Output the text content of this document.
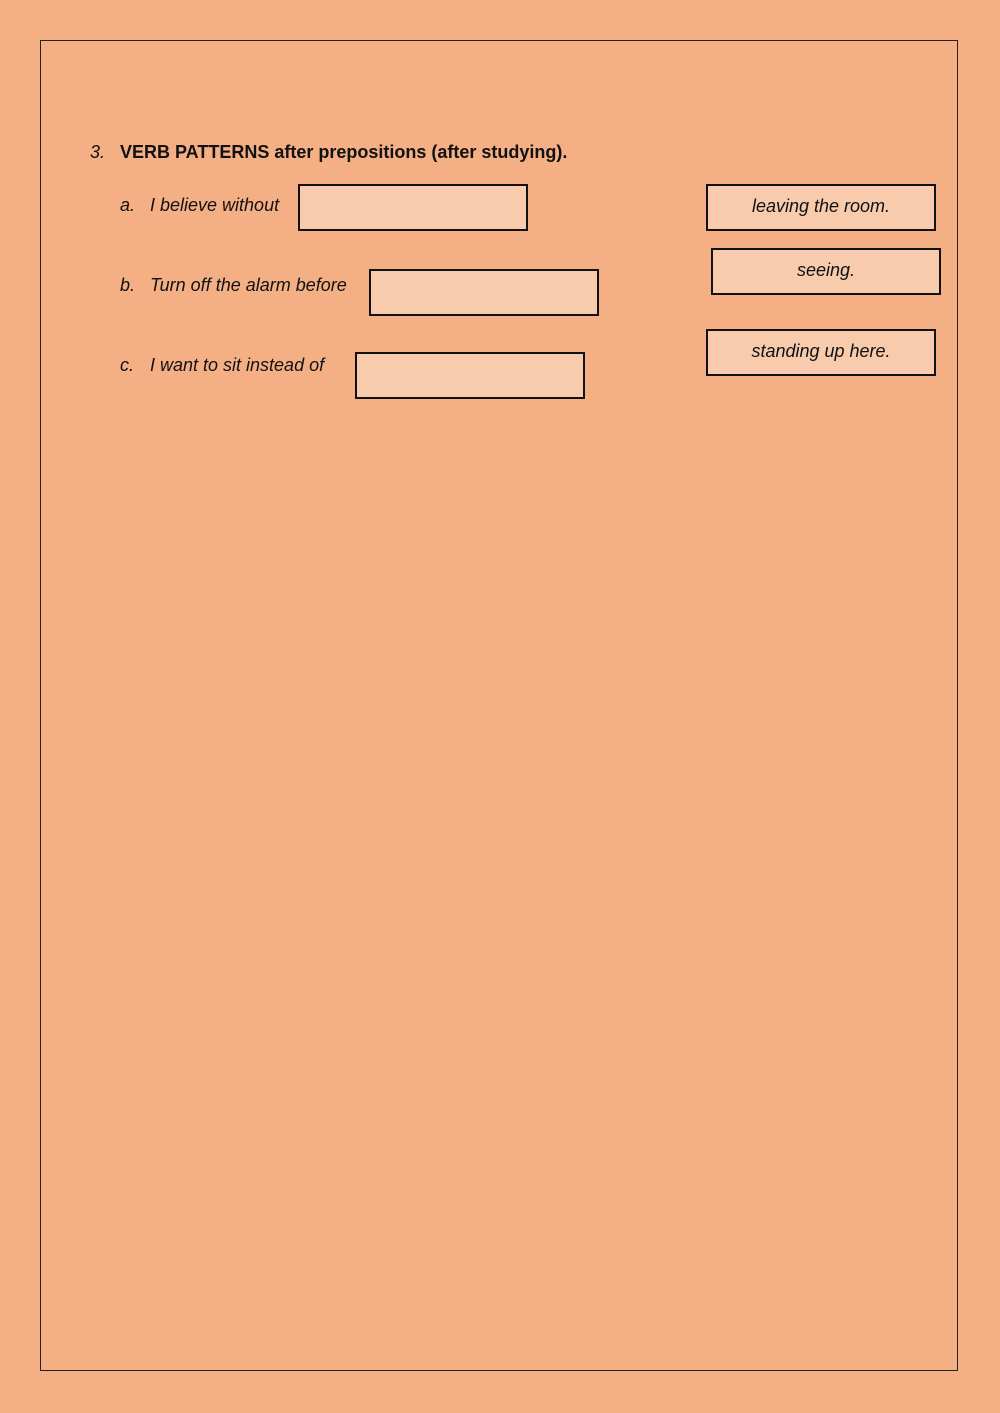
3. VERB PATTERNS after prepositions (after studying).
a. I believe without
b. Turn off the alarm before
c. I want to sit instead of
leaving the room.
seeing.
standing up here.
